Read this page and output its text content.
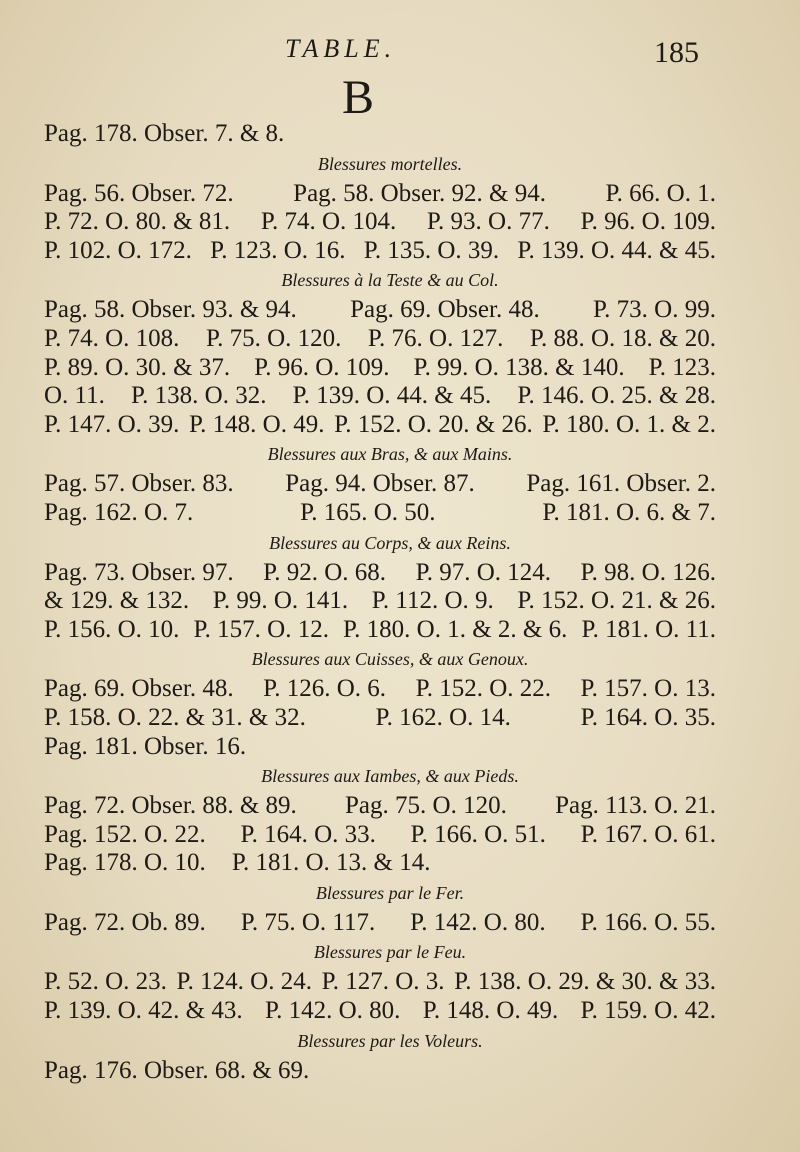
TABLE.	185
B
Pag. 178. Obser. 7. & 8.
Blessures mortelles.
Pag. 56. Obser. 72. Pag. 58. Obser. 92. & 94. P. 66. O. 1.
P. 72. O. 80. & 81. P. 74. O. 104. P. 93. O. 77. P. 96. O. 109.
P. 102. O. 172. P. 123. O. 16. P. 135. O. 39. P. 139. O. 44. & 45.
Blessures à la Teste & au Col.
Pag. 58. Obser. 93. & 94. Pag. 69. Obser. 48. P. 73. O. 99.
P. 74. O. 108. P. 75. O. 120. P. 76. O. 127. P. 88. O. 18. & 20.
P. 89. O. 30. & 37. P. 96. O. 109. P. 99. O. 138. & 140. P. 123.
O. 11. P. 138. O. 32. P. 139. O. 44. & 45. P. 146. O. 25. & 28.
P. 147. O. 39. P. 148. O. 49. P. 152. O. 20. & 26. P. 180. O. 1. & 2.
Blessures aux Bras, & aux Mains.
Pag. 57. Obser. 83. Pag. 94. Obser. 87. Pag. 161. Obser. 2.
Pag. 162. O. 7.	P. 165. O. 50.	P. 181. O. 6. & 7.
Blessures au Corps, & aux Reins.
Pag. 73. Obser. 97. P. 92. O. 68. P. 97. O. 124. P. 98. O. 126.
& 129. & 132. P. 99. O. 141. P. 112. O. 9. P. 152. O. 21. & 26.
P. 156. O. 10. P. 157. O. 12. P. 180. O. 1. & 2. & 6. P. 181. O. 11.
Blessures aux Cuisses, & aux Genoux.
Pag. 69. Obser. 48. P. 126. O. 6. P. 152. O. 22. P. 157. O. 13.
P. 158. O. 22. & 31. & 32.	P. 162. O. 14.	P. 164. O. 35.
Pag. 181. Obser. 16.
Blessures aux Iambes, & aux Pieds.
Pag. 72. Obser. 88. & 89. Pag. 75. O. 120. Pag. 113. O. 21.
Pag. 152. O. 22. P. 164. O. 33. P. 166. O. 51. P. 167. O. 61.
Pag. 178. O. 10. P. 181. O. 13. & 14.
Blessures par le Fer.
Pag. 72. Ob. 89. P. 75. O. 117. P. 142. O. 80. P. 166. O. 55.
Blessures par le Feu.
P. 52. O. 23. P. 124. O. 24. P. 127. O. 3. P. 138. O. 29. & 30. & 33.
P. 139. O. 42. & 43. P. 142. O. 80. P. 148. O. 49. P. 159. O. 42.
Blessures par les Voleurs.
Pag. 176. Obser. 68. & 69.
